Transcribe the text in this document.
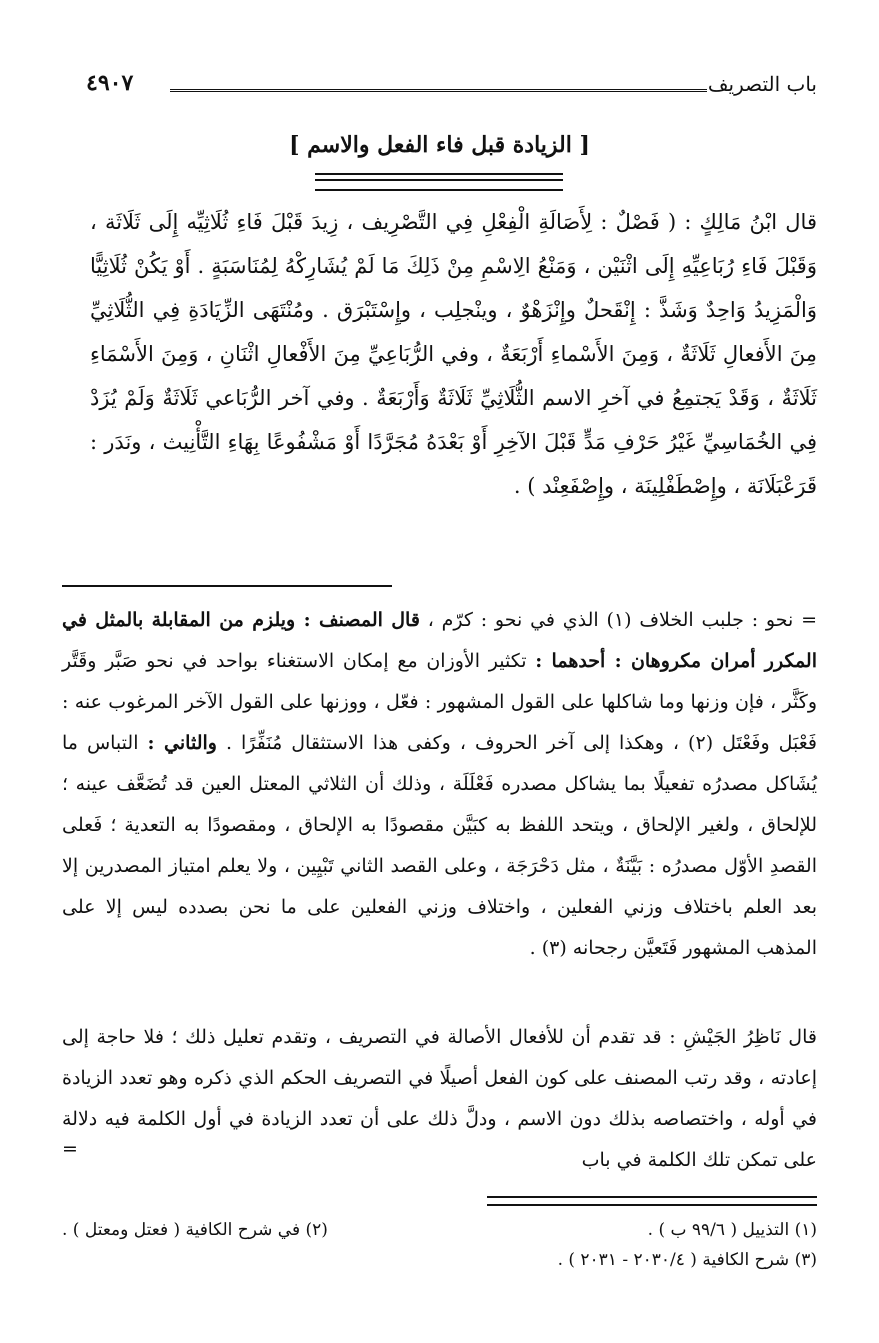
باب التصريف
٤٩٠٧
[ الزيادة قبل فاء الفعل والاسم ]
قال ابْنُ مَالِكٍ : ( فَصْلٌ : لِأَصَالَةِ الْفِعْلِ فِي التَّصْرِيف ، زِيدَ قَبْلَ فَاءِ ثُلَاثِيِّه إِلَى ثَلَاثَة ، وَقَبْلَ فَاءِ رُبَاعِيِّهِ إِلَى اثْنَيْن ، وَمَنْعُ الِاسْمِ مِنْ ذَلِكَ مَا لَمْ يُشَارِكْهُ لِمُنَاسَبَةٍ . أَوْ يَكُنْ ثُلَاثِيًّا وَالْمَزِيدُ وَاحِدٌ وَشَذَّ : إِنْقَحلٌ وإِنْزَهْوٌ ، وينْجلِب ، وإِسْتَبْرَق . ومُنْتَهَى الزِّيَادَةِ فِي الثُّلَاثِيِّ مِنَ الأَفعالِ ثَلَاثَةٌ ، وَمِنَ الأَسْماءِ أَرْبَعَةٌ ، وفي الرُّبَاعِيِّ مِنَ الأَفْعالِ اثْنَانِ ، وَمِنَ الأَسْمَاءِ ثَلَاثَةٌ ، وَقَدْ يَجتمِعُ في آخرِ الاسم الثُّلَاثِيِّ ثَلَاثَةٌ وَأَرْبَعَةٌ . وفي آخر الرُّبَاعي ثَلَاثَةٌ وَلَمْ يُزَدْ فِي الخُمَاسِيِّ غَيْرُ حَرْفِ مَدٍّ قَبْلَ الآخِرِ أَوْ بَعْدَهُ مُجَرَّدًا أَوْ مَشْفُوعًا بِهَاءِ التَّأْنِيث ، ونَدَر : قَرَعْبَلَانَة ، وإِصْطَفْلِينَة ، وإِصْفَعِنْد ) .
= نحو : جلبب الخلاف (١) الذي في نحو : كرّم ، قال المصنف : ويلزم من المقابلة بالمثل في المكرر أمران مكروهان : أحدهما : تكثير الأوزان مع إمكان الاستغناء بواحد في نحو صَبَّر وقَتَّر وكَثَّر ، فإن وزنها وما شاكلها على القول المشهور : فعّل ، ووزنها على القول الآخر المرغوب عنه : فَعْبَل وفَعْتَل (٢) ، وهكذا إلى آخر الحروف ، وكفى هذا الاستثقال مُنَفِّرًا . والثاني : التباس ما يُشَاكل مصدرُه تفعيلًا بما يشاكل مصدره فَعْلَلَة ، وذلك أن الثلاثي المعتل العين قد تُضَعَّف عينه ؛ للإلحاق ، ولغير الإلحاق ، ويتحد اللفظ به كبَيَّن مقصودًا به الإلحاق ، ومقصودًا به التعدية ؛ فَعلى القصدِ الأوّل مصدرُه : بَيَّنَةٌ ، مثل دَحْرَجَة ، وعلى القصد الثاني تَبْيِين ، ولا يعلم امتياز المصدرين إلا بعد العلم باختلاف وزني الفعلين ، واختلاف وزني الفعلين على ما نحن بصدده ليس إلا على المذهب المشهور فَتَعيَّن رجحانه (٣) .
قال نَاظِرُ الجَيْشِ : قد تقدم أن للأفعال الأصالة في التصريف ، وتقدم تعليل ذلك ؛ فلا حاجة إلى إعادته ، وقد رتب المصنف على كون الفعل أصيلًا في التصريف الحكم الذي ذكره وهو تعدد الزيادة في أوله ، واختصاصه بذلك دون الاسم ، ودلَّ ذلك على أن تعدد الزيادة في أول الكلمة فيه دلالة على تمكن تلك الكلمة في باب
=
(١) التذييل ( ٩٩/٦ ب ) .
(٢) في شرح الكافية ( فعتل ومعتل ) .
(٣) شرح الكافية ( ٢٠٣٠/٤ - ٢٠٣١ ) .
